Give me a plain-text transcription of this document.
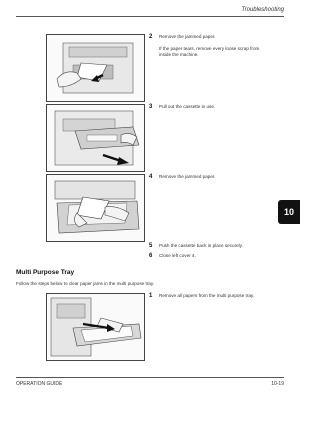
Troubleshooting
2 Remove the jammed paper.
If the paper tears, remove every loose scrap from
inside the machine.
3 Pull out the cassette in use.
4 Remove the jammed paper.
5 Push the cassette back in place securely.
6 Close left cover 4.
Multi Purpose Tray
Follow the steps below to clear paper jams in the multi purpose tray.
1 Remove all papers from the multi purpose tray.
10
OPERATION GUIDE	10-19
